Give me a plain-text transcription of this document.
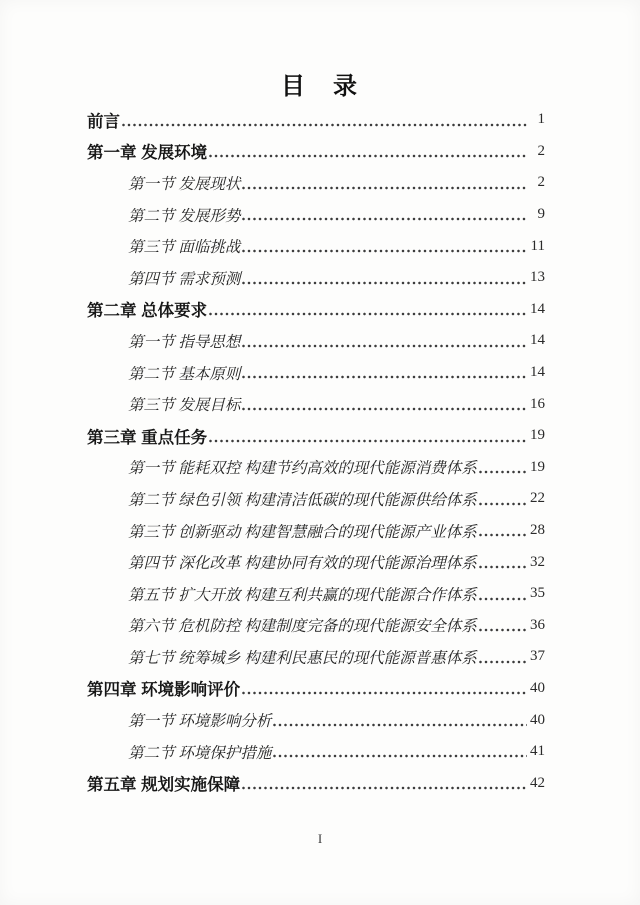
目　录
前言	1
第一章 发展环境	2
第一节 发展现状	2
第二节 发展形势	9
第三节 面临挑战	11
第四节 需求预测	13
第二章 总体要求	14
第一节 指导思想	14
第二节 基本原则	14
第三节 发展目标	16
第三章 重点任务	19
第一节 能耗双控 构建节约高效的现代能源消费体系	19
第二节 绿色引领 构建清洁低碳的现代能源供给体系	22
第三节 创新驱动 构建智慧融合的现代能源产业体系	28
第四节 深化改革 构建协同有效的现代能源治理体系	32
第五节 扩大开放 构建互利共赢的现代能源合作体系	35
第六节 危机防控 构建制度完备的现代能源安全体系	36
第七节 统筹城乡 构建利民惠民的现代能源普惠体系	37
第四章 环境影响评价	40
第一节 环境影响分析	40
第二节 环境保护措施	41
第五章 规划实施保障	42
I
